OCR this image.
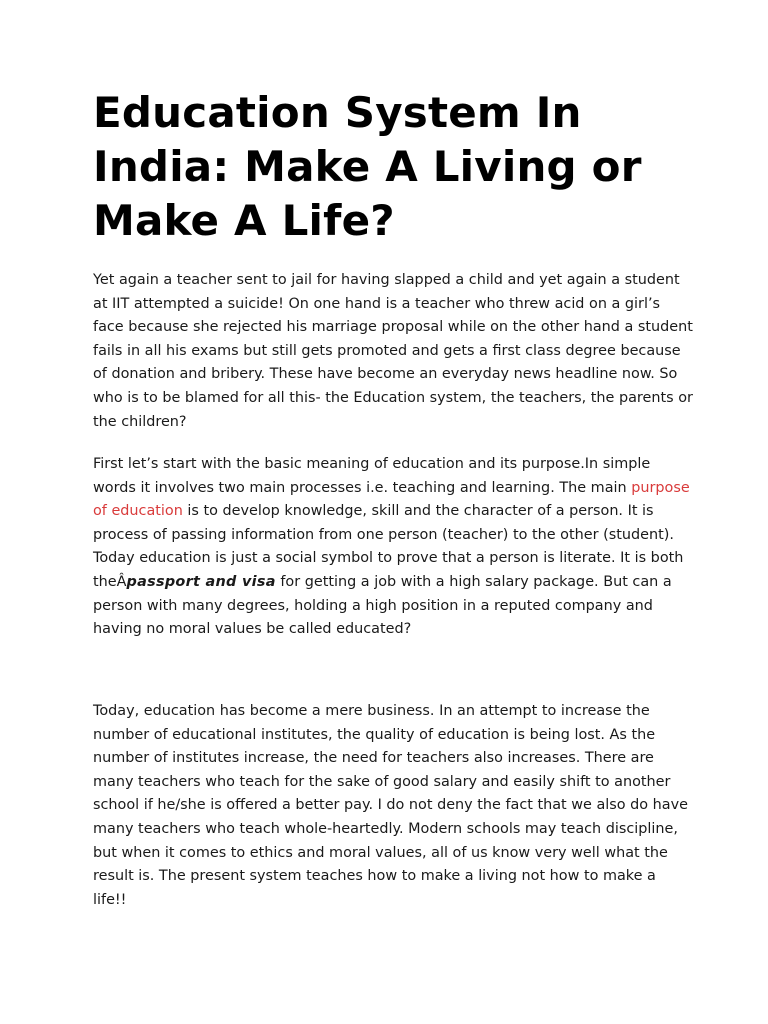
Education System In India: Make A Living or Make A Life?

Yet again a teacher sent to jail for having slapped a child and yet again a student at IIT attempted a suicide! On one hand is a teacher who threw acid on a girl’s face because she rejected his marriage proposal while on the other hand a student fails in all his exams but still gets promoted and gets a first class degree because of donation and bribery. These have become an everyday news headline now. So who is to be blamed for all this- the Education system, the teachers, the parents or the children?

First let’s start with the basic meaning of education and its purpose.In simple words it involves two main processes i.e. teaching and learning. The main purpose of education is to develop knowledge, skill and the character of a person. It is process of passing information from one person (teacher) to the other (student). Today education is just a social symbol to prove that a person is literate. It is both theÂpassport and visa for getting a job with a high salary package. But can a person with many degrees, holding a high position in a reputed company and having no moral values be called educated?

Today, education has become a mere business. In an attempt to increase the number of educational institutes, the quality of education is being lost. As the number of institutes increase, the need for teachers also increases. There are many teachers who teach for the sake of good salary and easily shift to another school if he/she is offered a better pay. I do not deny the fact that we also do have many teachers who teach whole-heartedly. Modern schools may teach discipline, but when it comes to ethics and moral values, all of us know very well what the result is. The present system teaches how to make a living not how to make a life!!
